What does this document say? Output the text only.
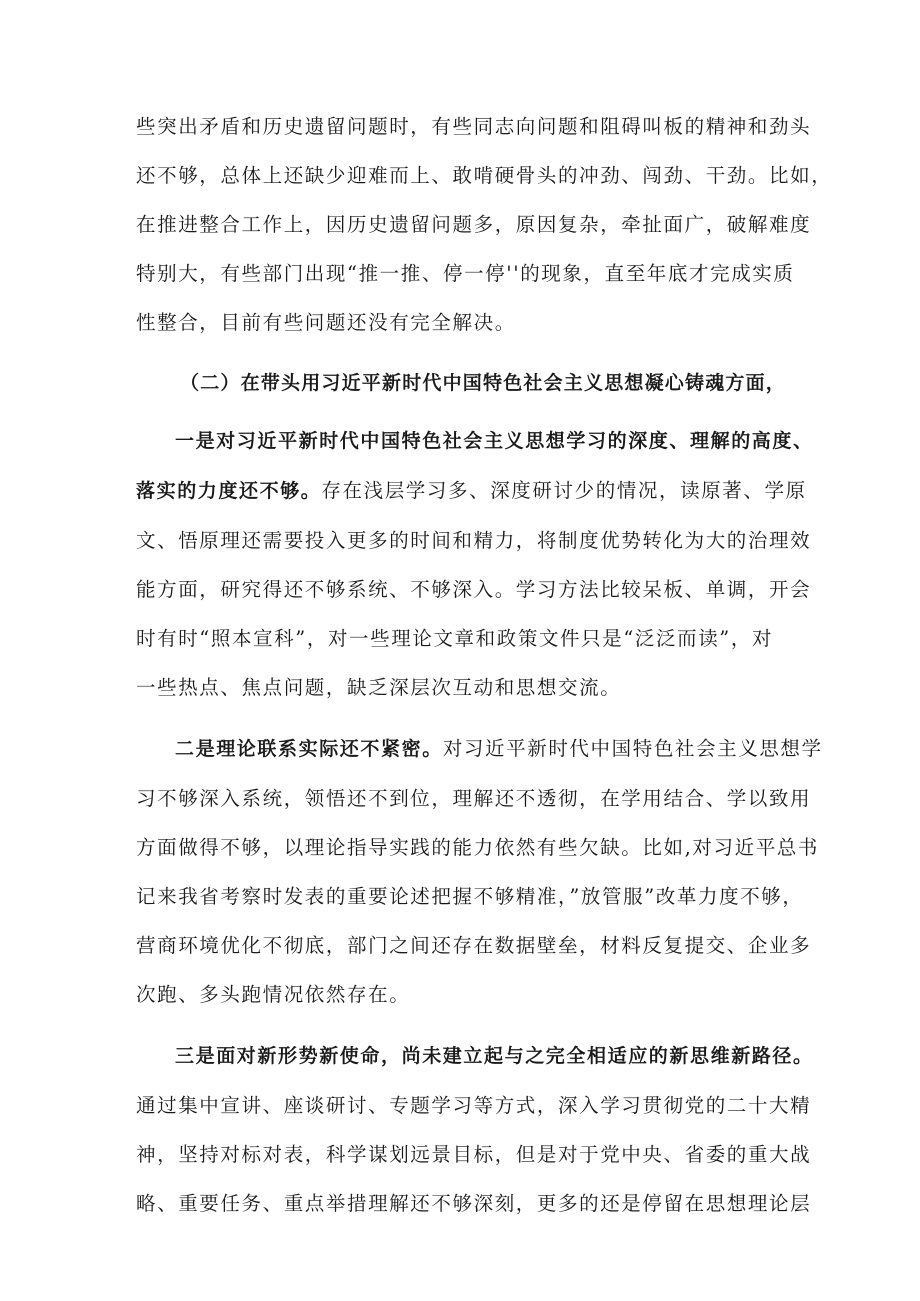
些突出矛盾和历史遗留问题时，有些同志向问题和阻碍叫板的精神和劲头
还不够，总体上还缺少迎难而上、敢啃硬骨头的冲劲、闯劲、干劲。比如，
在推进整合工作上，因历史遗留问题多，原因复杂，牵扯面广，破解难度
特别大，有些部门出现“推一推、停一停''的现象，直至年底才完成实质
性整合，目前有些问题还没有完全解决。
（二）在带头用习近平新时代中国特色社会主义思想凝心铸魂方面，
一是对习近平新时代中国特色社会主义思想学习的深度、理解的高度、
落实的力度还不够。存在浅层学习多、深度研讨少的情况，读原著、学原
文、悟原理还需要投入更多的时间和精力，将制度优势转化为大的治理效
能方面，研究得还不够系统、不够深入。学习方法比较呆板、单调，开会
时有时“照本宣科”，对一些理论文章和政策文件只是“泛泛而读”，对
一些热点、焦点问题，缺乏深层次互动和思想交流。
二是理论联系实际还不紧密。对习近平新时代中国特色社会主义思想学
习不够深入系统，领悟还不到位，理解还不透彻，在学用结合、学以致用
方面做得不够，以理论指导实践的能力依然有些欠缺。比如,对习近平总书
记来我省考察时发表的重要论述把握不够精准，”放管服”改革力度不够，
营商环境优化不彻底，部门之间还存在数据壁垒，材料反复提交、企业多
次跑、多头跑情况依然存在。
三是面对新形势新使命，尚未建立起与之完全相适应的新思维新路径。
通过集中宣讲、座谈研讨、专题学习等方式，深入学习贯彻党的二十大精
神，坚持对标对表，科学谋划远景目标，但是对于党中央、省委的重大战
略、重要任务、重点举措理解还不够深刻，更多的还是停留在思想理论层
